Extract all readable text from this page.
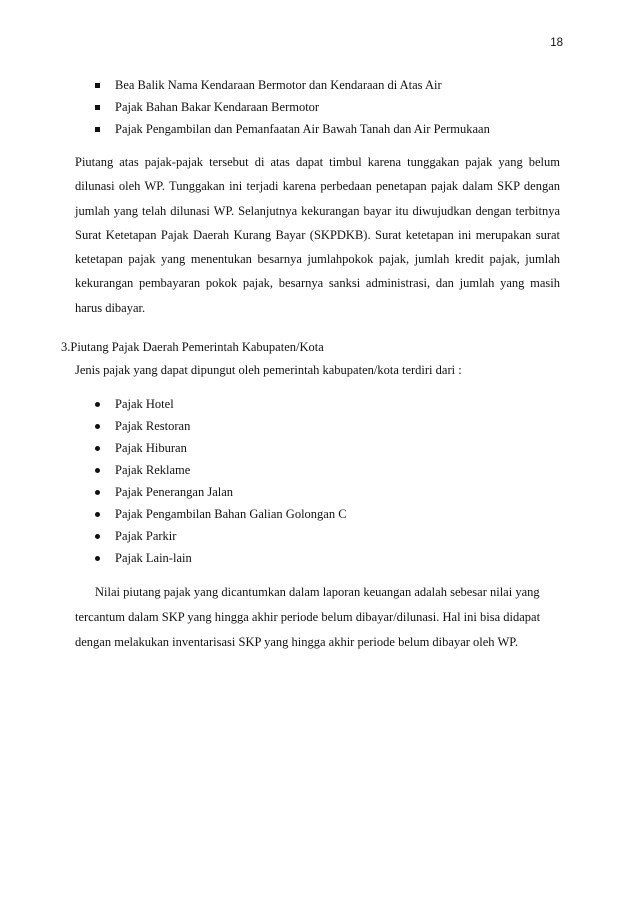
18
Bea Balik Nama Kendaraan Bermotor dan Kendaraan di Atas Air
Pajak Bahan Bakar Kendaraan Bermotor
Pajak Pengambilan dan Pemanfaatan Air Bawah Tanah dan Air Permukaan

Piutang atas pajak-pajak tersebut di atas dapat timbul karena tunggakan pajak yang belum dilunasi oleh WP. Tunggakan ini terjadi karena perbedaan penetapan pajak dalam SKP dengan jumlah yang telah dilunasi WP. Selanjutnya kekurangan bayar itu diwujudkan dengan terbitnya Surat Ketetapan Pajak Daerah Kurang Bayar (SKPDKB). Surat ketetapan ini merupakan surat ketetapan pajak yang menentukan besarnya jumlahpokok pajak, jumlah kredit pajak, jumlah kekurangan pembayaran pokok pajak, besarnya sanksi administrasi, dan jumlah yang masih harus dibayar.

3.Piutang Pajak Daerah Pemerintah Kabupaten/Kota

Jenis pajak yang dapat dipungut oleh pemerintah kabupaten/kota terdiri dari :

Pajak Hotel
Pajak Restoran
Pajak Hiburan
Pajak Reklame
Pajak Penerangan Jalan
Pajak Pengambilan Bahan Galian Golongan C
Pajak Parkir
Pajak Lain-lain

Nilai piutang pajak yang dicantumkan dalam laporan keuangan adalah sebesar nilai yang
tercantum dalam SKP yang hingga akhir periode belum dibayar/dilunasi. Hal ini bisa didapat
dengan melakukan inventarisasi SKP yang hingga akhir periode belum dibayar oleh WP.
